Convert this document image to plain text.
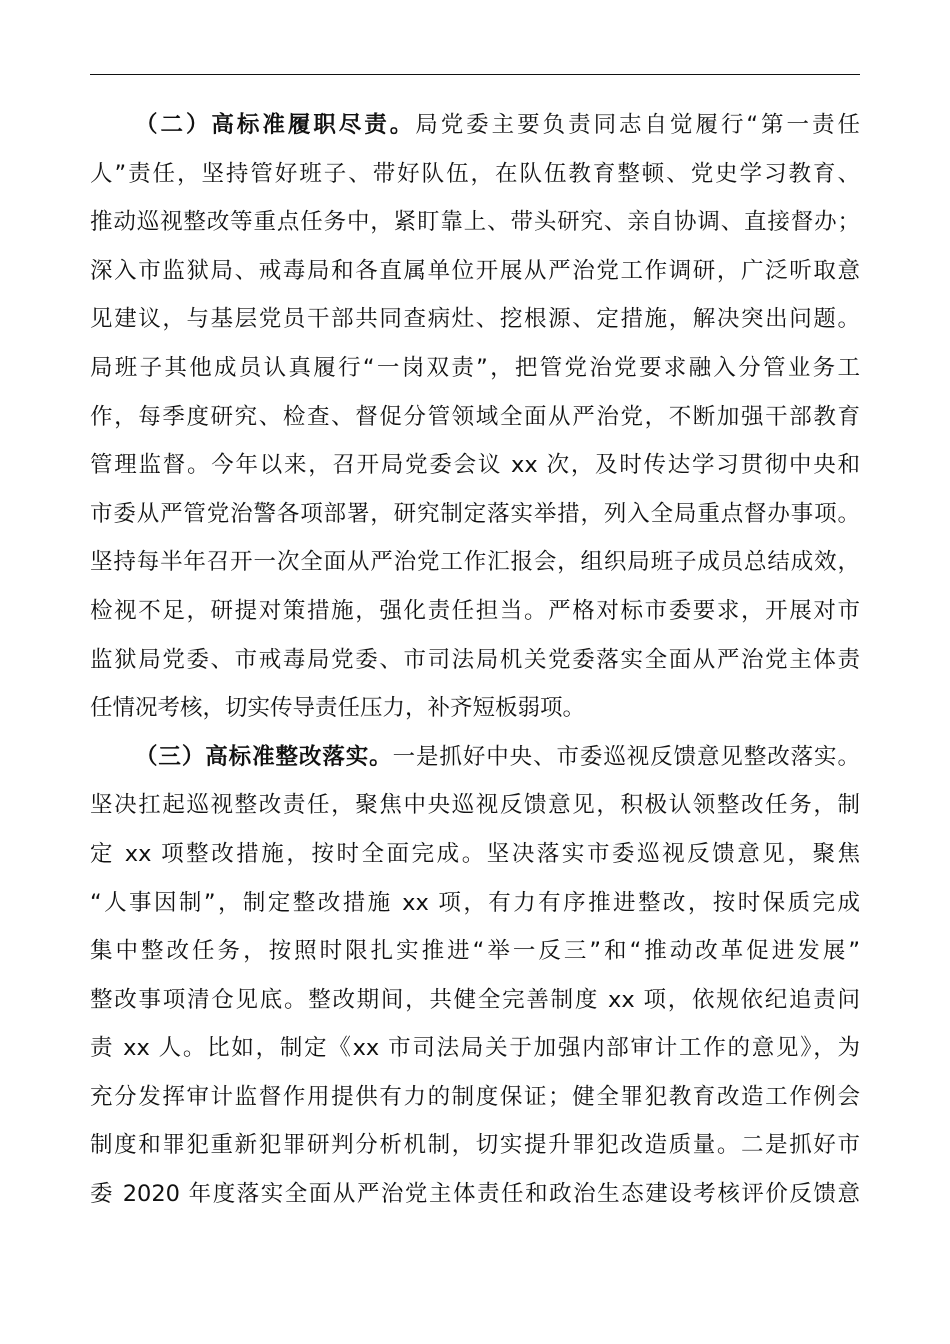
（二）高标准履职尽责。局党委主要负责同志自觉履行“第一责任
人”责任，坚持管好班子、带好队伍，在队伍教育整顿、党史学习教育、
推动巡视整改等重点任务中，紧盯靠上、带头研究、亲自协调、直接督办；
深入市监狱局、戒毒局和各直属单位开展从严治党工作调研，广泛听取意
见建议，与基层党员干部共同查病灶、挖根源、定措施，解决突出问题。
局班子其他成员认真履行“一岗双责”，把管党治党要求融入分管业务工
作，每季度研究、检查、督促分管领域全面从严治党，不断加强干部教育
管理监督。今年以来，召开局党委会议 xx 次，及时传达学习贯彻中央和
市委从严管党治警各项部署，研究制定落实举措，列入全局重点督办事项。
坚持每半年召开一次全面从严治党工作汇报会，组织局班子成员总结成效，
检视不足，研提对策措施，强化责任担当。严格对标市委要求，开展对市
监狱局党委、市戒毒局党委、市司法局机关党委落实全面从严治党主体责
任情况考核，切实传导责任压力，补齐短板弱项。
（三）高标准整改落实。一是抓好中央、市委巡视反馈意见整改落实。
坚决扛起巡视整改责任，聚焦中央巡视反馈意见，积极认领整改任务，制
定 xx 项整改措施，按时全面完成。坚决落实市委巡视反馈意见，聚焦
“人事因制”，制定整改措施 xx 项，有力有序推进整改，按时保质完成
集中整改任务，按照时限扎实推进“举一反三”和“推动改革促进发展”
整改事项清仓见底。整改期间，共健全完善制度 xx 项，依规依纪追责问
责 xx 人。比如，制定《xx 市司法局关于加强内部审计工作的意见》，为
充分发挥审计监督作用提供有力的制度保证；健全罪犯教育改造工作例会
制度和罪犯重新犯罪研判分析机制，切实提升罪犯改造质量。二是抓好市
委 2020 年度落实全面从严治党主体责任和政治生态建设考核评价反馈意
